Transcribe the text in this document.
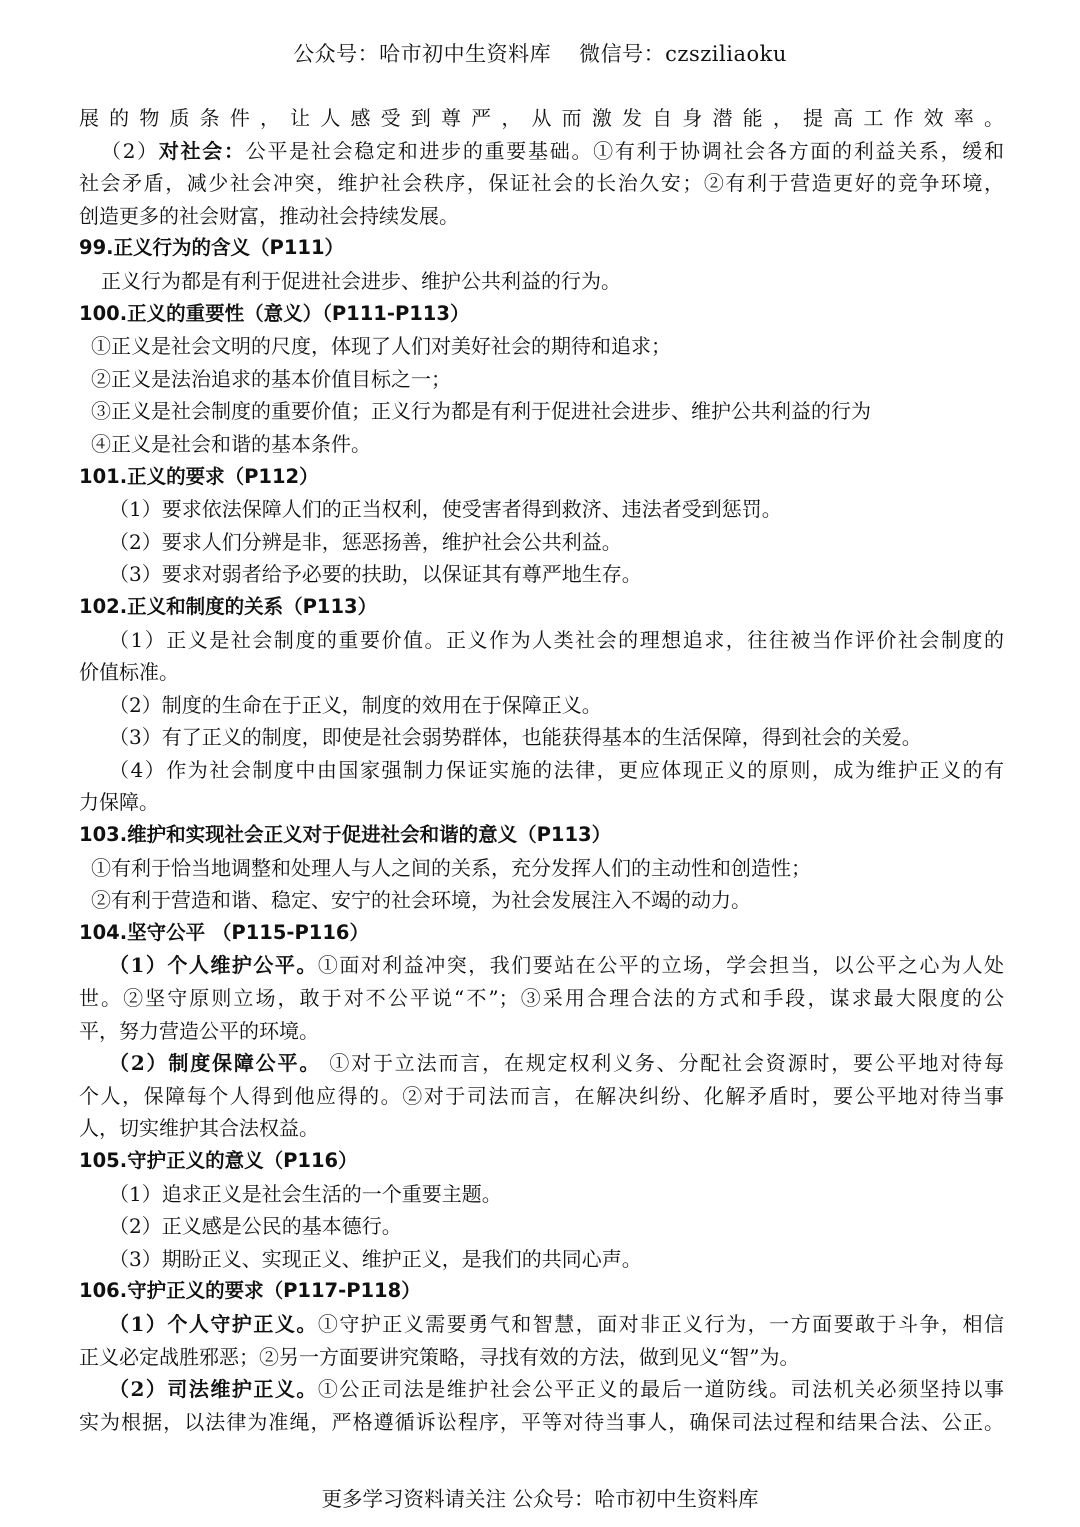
公众号：哈市初中生资料库 微信号：czsziliaoku
展的物质条件，让人感受到尊严，从而激发自身潜能，提高工作效率。
（2）对社会：公平是社会稳定和进步的重要基础。①有利于协调社会各方面的利益关系，缓和
社会矛盾，减少社会冲突，维护社会秩序，保证社会的长治久安；②有利于营造更好的竞争环境，
创造更多的社会财富，推动社会持续发展。
99.正义行为的含义（P111）
正义行为都是有利于促进社会进步、维护公共利益的行为。
100.正义的重要性（意义）（P111-P113）
①正义是社会文明的尺度，体现了人们对美好社会的期待和追求；
②正义是法治追求的基本价值目标之一；
③正义是社会制度的重要价值；正义行为都是有利于促进社会进步、维护公共利益的行为
④正义是社会和谐的基本条件。
101.正义的要求（P112）
（1）要求依法保障人们的正当权利，使受害者得到救济、违法者受到惩罚。
（2）要求人们分辨是非，惩恶扬善，维护社会公共利益。
（3）要求对弱者给予必要的扶助，以保证其有尊严地生存。
102.正义和制度的关系（P113）
（1）正义是社会制度的重要价值。正义作为人类社会的理想追求，往往被当作评价社会制度的
价值标准。
（2）制度的生命在于正义，制度的效用在于保障正义。
（3）有了正义的制度，即使是社会弱势群体，也能获得基本的生活保障，得到社会的关爱。
（4）作为社会制度中由国家强制力保证实施的法律，更应体现正义的原则，成为维护正义的有
力保障。
103.维护和实现社会正义对于促进社会和谐的意义（P113）
①有利于恰当地调整和处理人与人之间的关系，充分发挥人们的主动性和创造性；
②有利于营造和谐、稳定、安宁的社会环境，为社会发展注入不竭的动力。
104.坚守公平 （P115-P116）
（1）个人维护公平。①面对利益冲突，我们要站在公平的立场，学会担当，以公平之心为人处
世。②坚守原则立场，敢于对不公平说“不”；③采用合理合法的方式和手段，谋求最大限度的公
平，努力营造公平的环境。
（2）制度保障公平。 ①对于立法而言，在规定权利义务、分配社会资源时，要公平地对待每
个人，保障每个人得到他应得的。②对于司法而言，在解决纠纷、化解矛盾时，要公平地对待当事
人，切实维护其合法权益。
105.守护正义的意义（P116）
（1）追求正义是社会生活的一个重要主题。
（2）正义感是公民的基本德行。
（3）期盼正义、实现正义、维护正义，是我们的共同心声。
106.守护正义的要求（P117-P118）
（1）个人守护正义。①守护正义需要勇气和智慧，面对非正义行为，一方面要敢于斗争，相信
正义必定战胜邪恶；②另一方面要讲究策略，寻找有效的方法，做到见义“智”为。
（2）司法维护正义。①公正司法是维护社会公平正义的最后一道防线。司法机关必须坚持以事
实为根据，以法律为准绳，严格遵循诉讼程序，平等对待当事人，确保司法过程和结果合法、公正。
更多学习资料请关注 公众号：哈市初中生资料库
